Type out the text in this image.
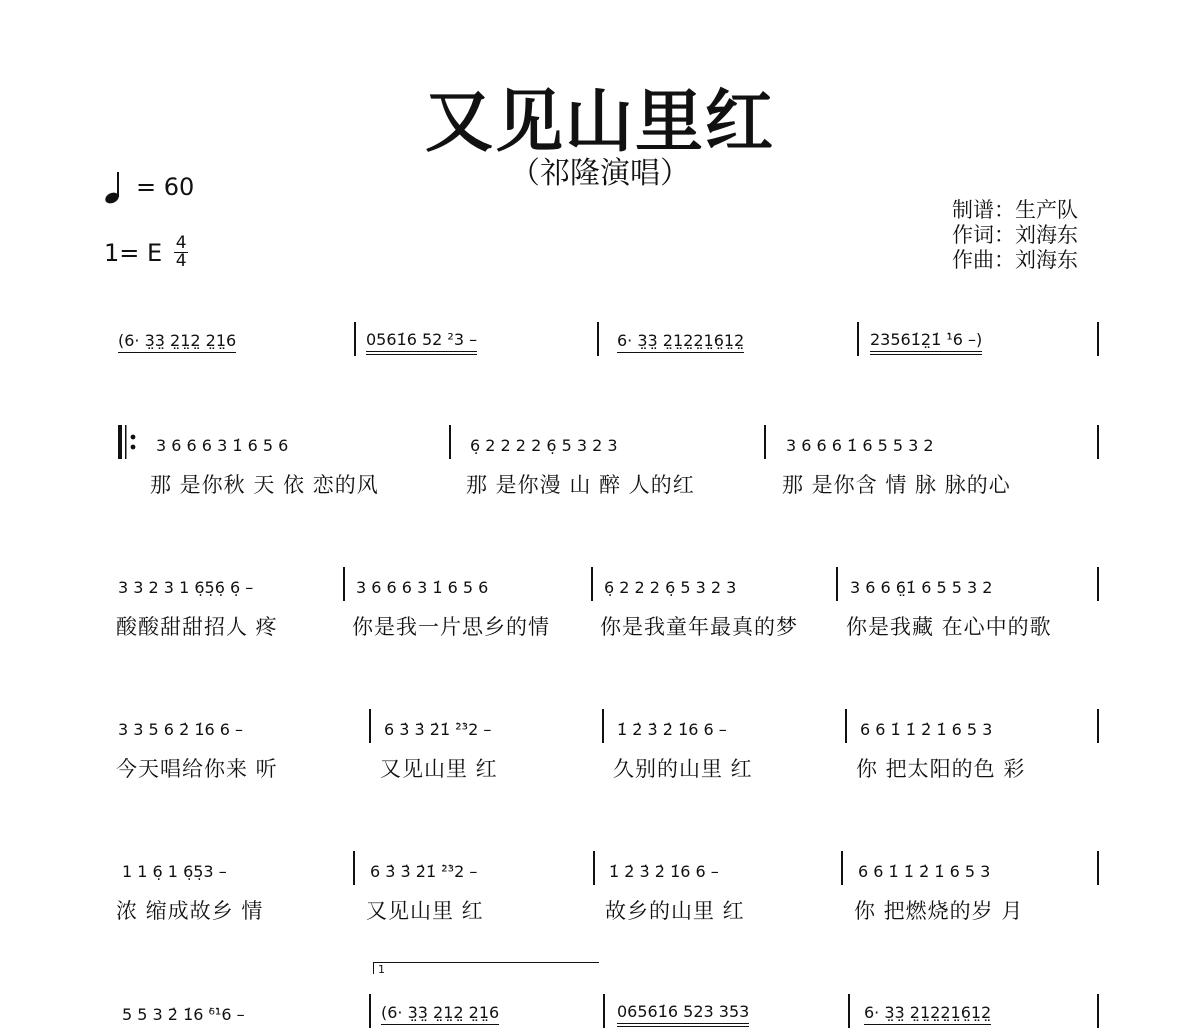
又见山里红
（祁隆演唱）
= 60
1= E $\frac{4}{4}$
制谱：生产队
作词：刘海东
作曲：刘海东
(6· 3̤3̤ 2̤1̤2̤ 2̤1̤6	0561̇6 52 ²3 –	6· 3̤3̤ 2̤1̤2̤2̤1̤6̤1̤2̤	23561̇2̤1̇ ¹̇6 –)
3 6 6 6 3 1̇ 6 5 6
那 是你秋 天 依 恋的风
6̣ 2 2 2 2 6̣ 5 3 2 3
那 是你漫 山 醉 人的红
3 6 6 6 1̇ 6 5 5 3 2
那 是你含 情 脉 脉的心
3 3 2 3 1 6̣5̣6̣ 6̣ –
酸酸甜甜招人 疼
3 6 6 6 3 1̇ 6 5 6
你是我一片思乡的情
6̣ 2 2 2 6̣ 5 3 2 3
你是我童年最真的梦
3 6 6 6̤1̇ 6 5 5 3 2
你是我藏 在心中的歌
3 3 5 6 2̇ 1̇6 6 –
今天唱给你来 听
6 3̇ 3̇ 2̇1̇ ²̇³̇2 –
又见山里 红
1̇ 2̇ 3̇ 2̇ 1̇6 6 –
久别的山里 红
6 6 1̇ 1̇ 2̇ 1̇ 6 5 3
你 把太阳的色 彩
1 1 6̣ 1 6̣5̣3 –
浓 缩成故乡 情
6 3̇ 3̇ 2̇1̇ ²̇³̇2 –
又见山里 红
1̇ 2̇ 3̇ 2̇ 1̇6 6 –
故乡的山里 红
6 6 1̇ 1̇ 2̇ 1̇ 6 5 3
你 把燃烧的岁 月
1
5 5 3 2̇ 1̇6 ⁶̇¹̇6 –	(6· 3̤3̤ 2̤1̤2̤ 2̤1̤6	06561̇6 523 353	6· 3̤3̤ 2̤1̤2̤2̤1̤6̤1̤2̤
